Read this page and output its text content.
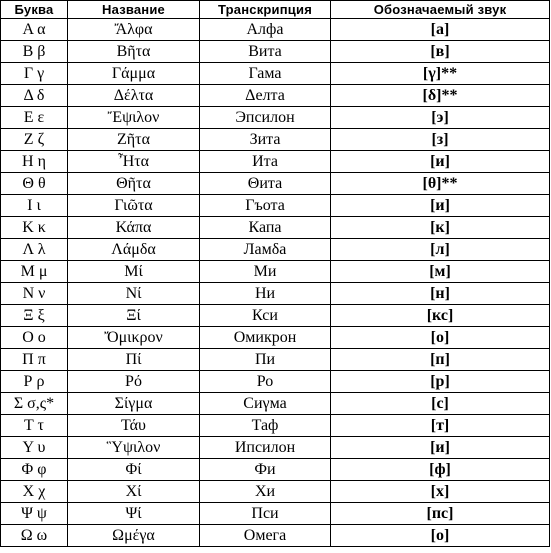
Буква	Название	Транскрипция	Обозначаемый звук
Α α	Ἄλφα	Алфа	[а]
Β β	Βῆτα	Вита	[в]
Γ γ	Γάμμα	Гама	[γ]**
Δ δ	Δέλτα	Δелта	[δ]**
Ε ε	Ἔψιλον	Эпсилон	[э]
Ζ ζ	Ζῆτα	Зита	[з]
Η η	Ἦτα	Ита	[и]
Θ θ	Θῆτα	Θита	[θ]**
Ι ι	Γιῶτα	Гъота	[и]
Κ κ	Κάπα	Капа	[к]
Λ λ	Λάμδα	Ламδа	[л]
Μ μ	Μί	Ми	[м]
Ν ν	Νί	Ни	[н]
Ξ ξ	Ξί	Кси	[кс]
Ο ο	Ὄμικρον	Омикрон	[о]
Π π	Πί	Пи	[п]
Ρ ρ	Ρό	Ро	[р]
Σ σ,ς*	Σίγμα	Сиγма	[с]
Τ τ	Τάυ	Таф	[т]
Υ υ	Ὓψιλον	Ипсилон	[и]
Φ φ	Φί	Фи	[ф]
Χ χ	Χί	Хи	[х]
Ψ ψ	Ψί	Пси	[пс]
Ω ω	Ωμέγα	Омега	[о]
